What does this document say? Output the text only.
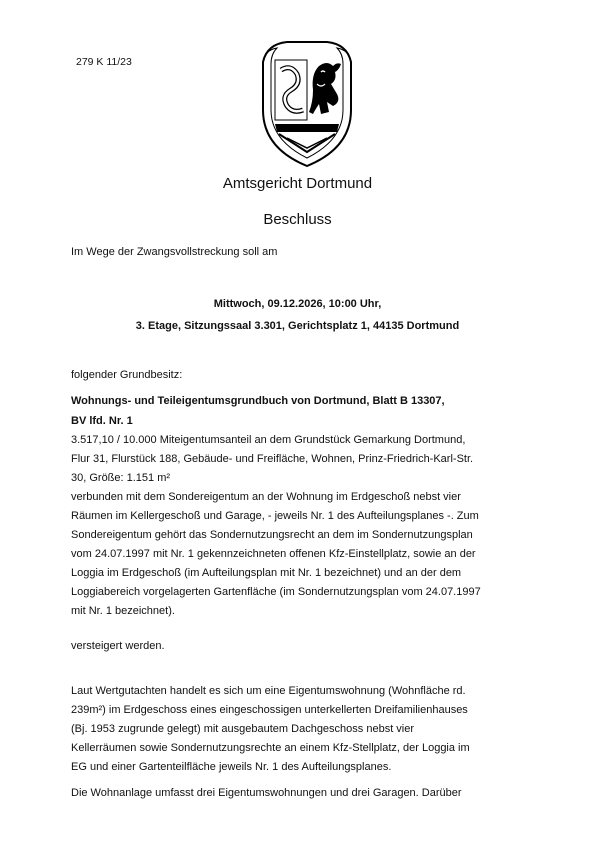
279 K 11/23
Amtsgericht Dortmund
Beschluss

Im Wege der Zwangsvollstreckung soll am

Mittwoch, 09.12.2026, 10:00 Uhr,
3. Etage, Sitzungssaal 3.301, Gerichtsplatz 1, 44135 Dortmund

folgender Grundbesitz:

Wohnungs- und Teileigentumsgrundbuch von Dortmund, Blatt B 13307,

BV lfd. Nr. 1

3.517,10 / 10.000 Miteigentumsanteil an dem Grundstück Gemarkung Dortmund,
Flur 31, Flurstück 188, Gebäude- und Freifläche, Wohnen, Prinz-Friedrich-Karl-Str.
30, Größe: 1.151 m²
verbunden mit dem Sondereigentum an der Wohnung im Erdgeschoß nebst vier
Räumen im Kellergeschoß und Garage, - jeweils Nr. 1 des Aufteilungsplanes -. Zum
Sondereigentum gehört das Sondernutzungsrecht an dem im Sondernutzungsplan
vom 24.07.1997 mit Nr. 1 gekennzeichneten offenen Kfz-Einstellplatz, sowie an der
Loggia im Erdgeschoß (im Aufteilungsplan mit Nr. 1 bezeichnet) und an der dem
Loggiabereich vorgelagerten Gartenfläche (im Sondernutzungsplan vom 24.07.1997
mit Nr. 1 bezeichnet).

versteigert werden.

Laut Wertgutachten handelt es sich um eine Eigentumswohnung (Wohnfläche rd.
239m²) im Erdgeschoss eines eingeschossigen unterkellerten Dreifamilienhauses
(Bj. 1953 zugrunde gelegt) mit ausgebautem Dachgeschoss nebst vier
Kellerräumen sowie Sondernutzungsrechte an einem Kfz-Stellplatz, der Loggia im
EG und einer Gartenteilfläche jeweils Nr. 1 des Aufteilungsplanes.

Die Wohnanlage umfasst drei Eigentumswohnungen und drei Garagen. Darüber
